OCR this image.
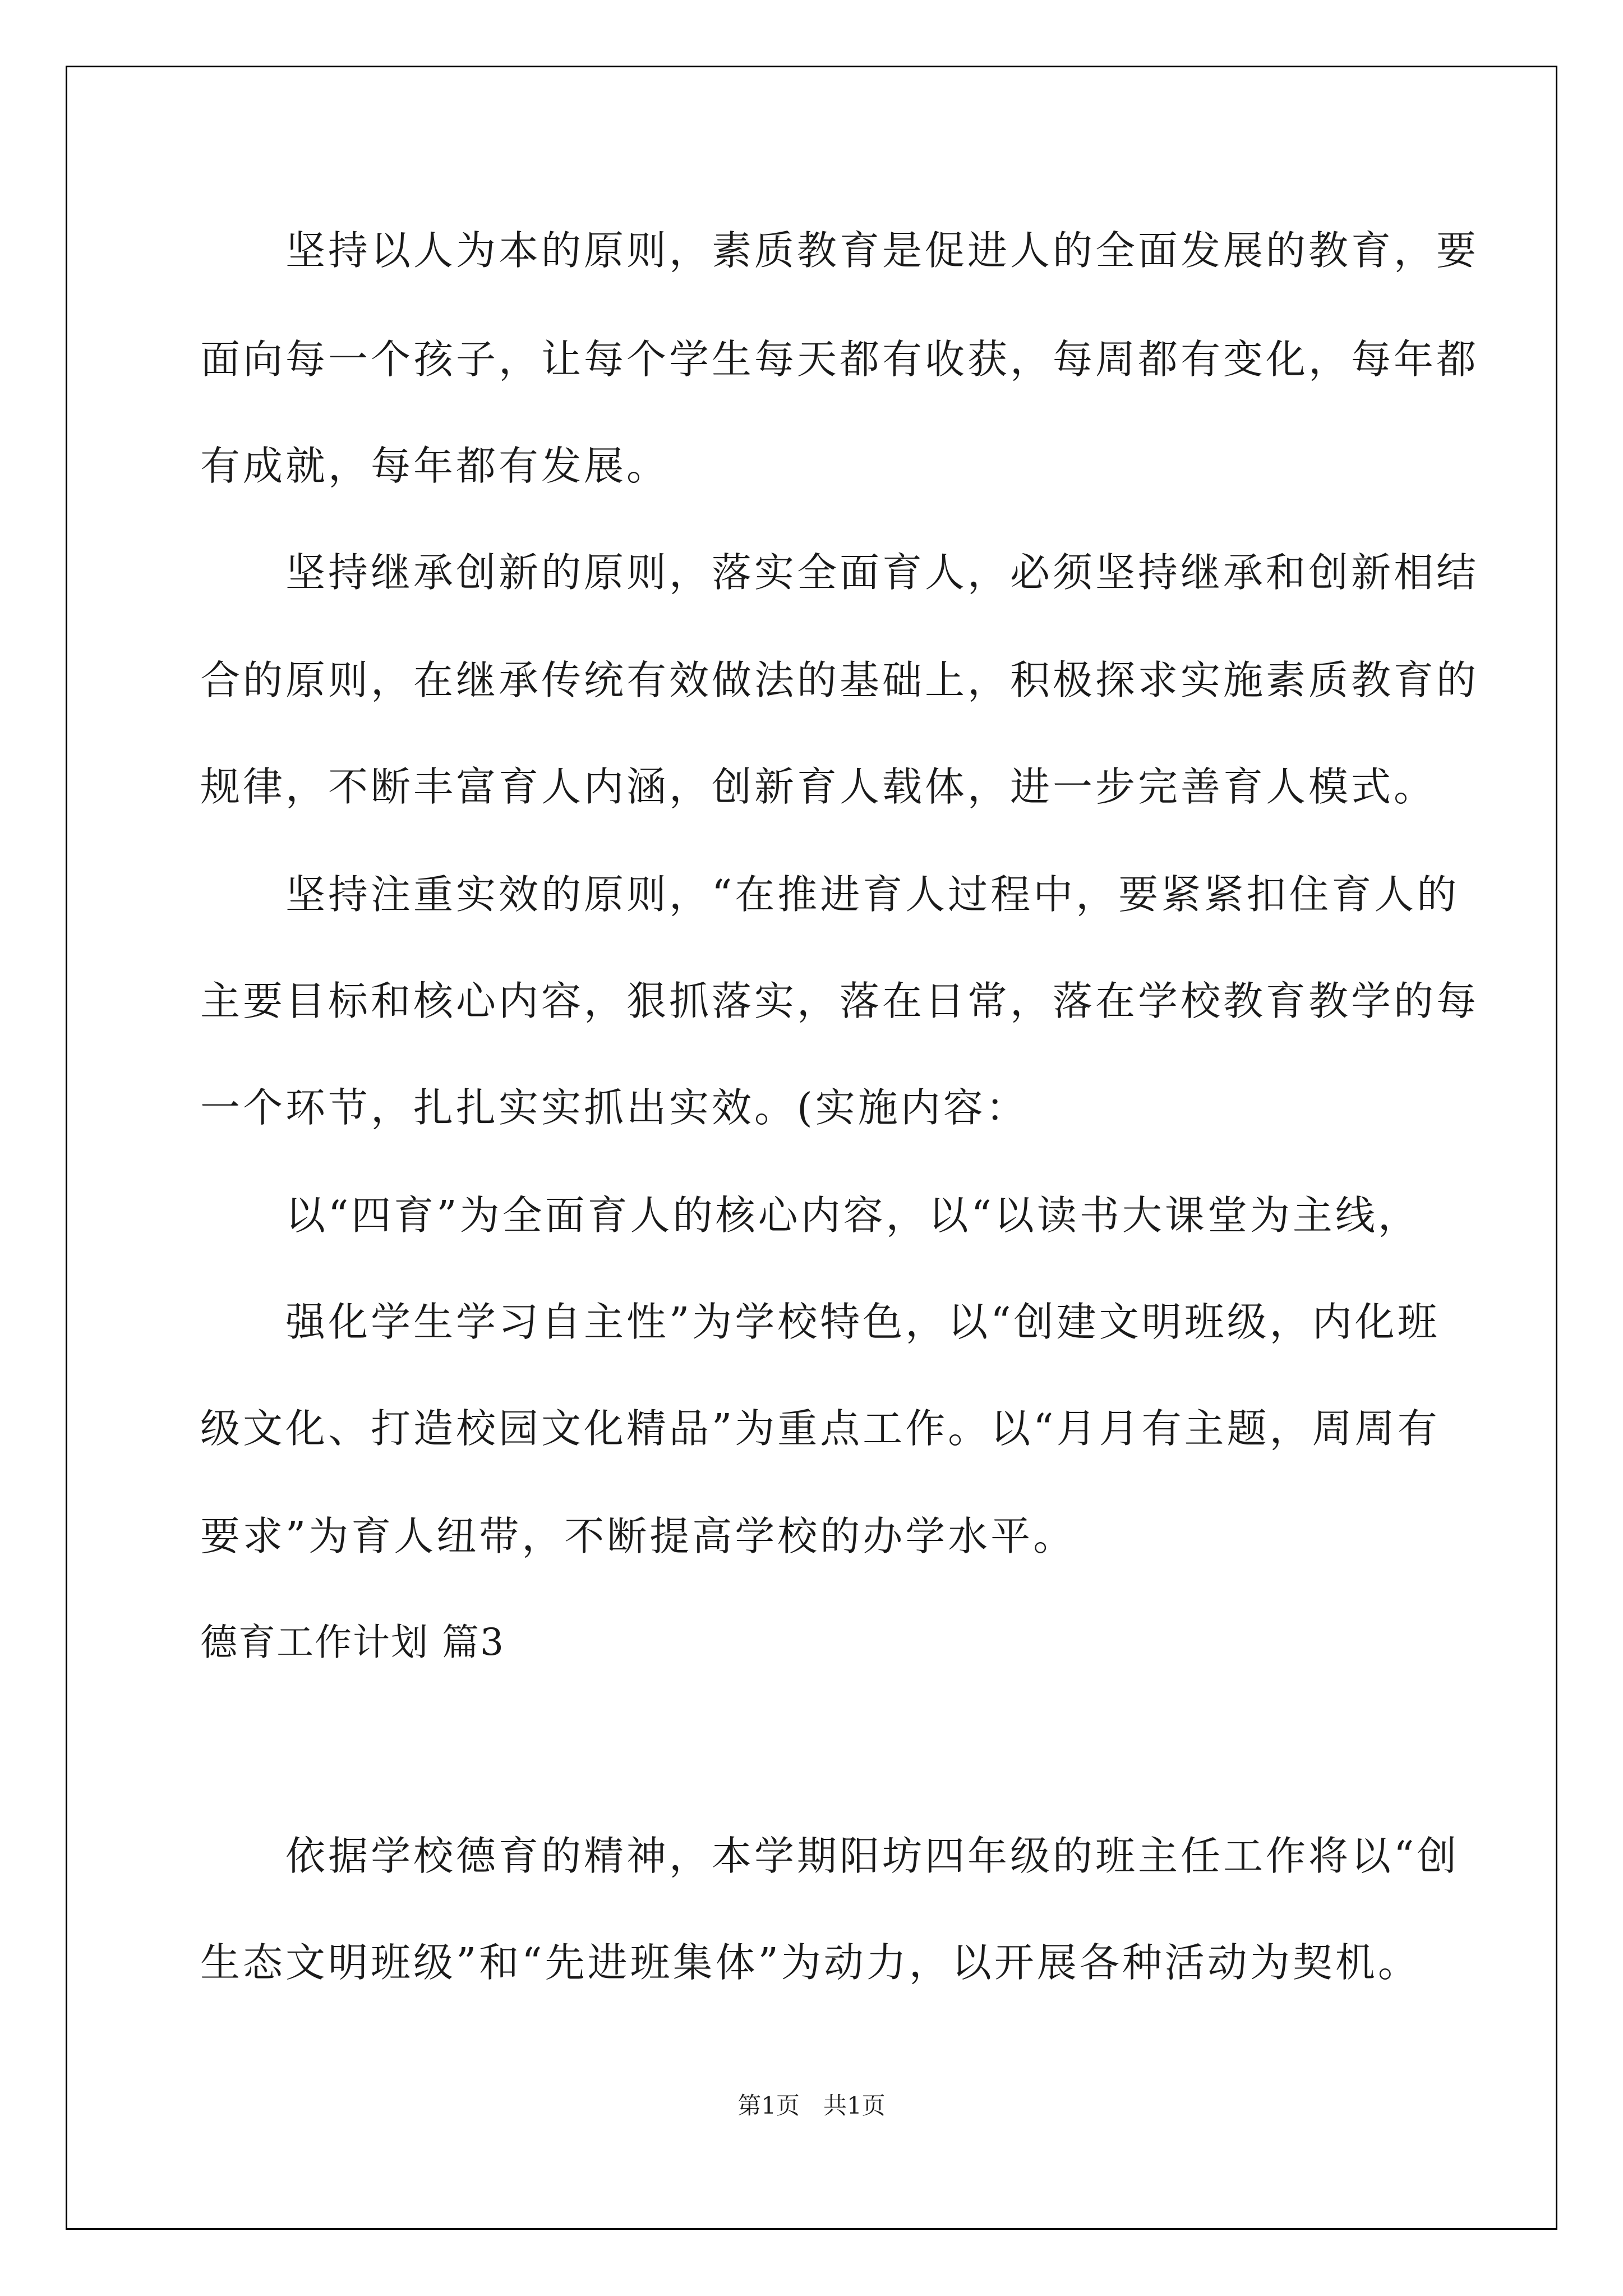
　　坚持以人为本的原则，素质教育是促进人的全面发展的教育，要
面向每一个孩子，让每个学生每天都有收获，每周都有变化，每年都
有成就，每年都有发展。
　　坚持继承创新的原则，落实全面育人，必须坚持继承和创新相结
合的原则，在继承传统有效做法的基础上，积极探求实施素质教育的
规律，不断丰富育人内涵，创新育人载体，进一步完善育人模式。
　　坚持注重实效的原则，“在推进育人过程中，要紧紧扣住育人的
主要目标和核心内容，狠抓落实，落在日常，落在学校教育教学的每
一个环节，扎扎实实抓出实效。(实施内容：
　　以“四育”为全面育人的核心内容，以“以读书大课堂为主线，
　　强化学生学习自主性”为学校特色，以“创建文明班级，内化班
级文化、打造校园文化精品”为重点工作。以“月月有主题，周周有
要求”为育人纽带，不断提高学校的办学水平。
德育工作计划 篇3
　　依据学校德育的精神，本学期阳坊四年级的班主任工作将以“创
生态文明班级”和“先进班集体”为动力，以开展各种活动为契机。
第1页　共1页
